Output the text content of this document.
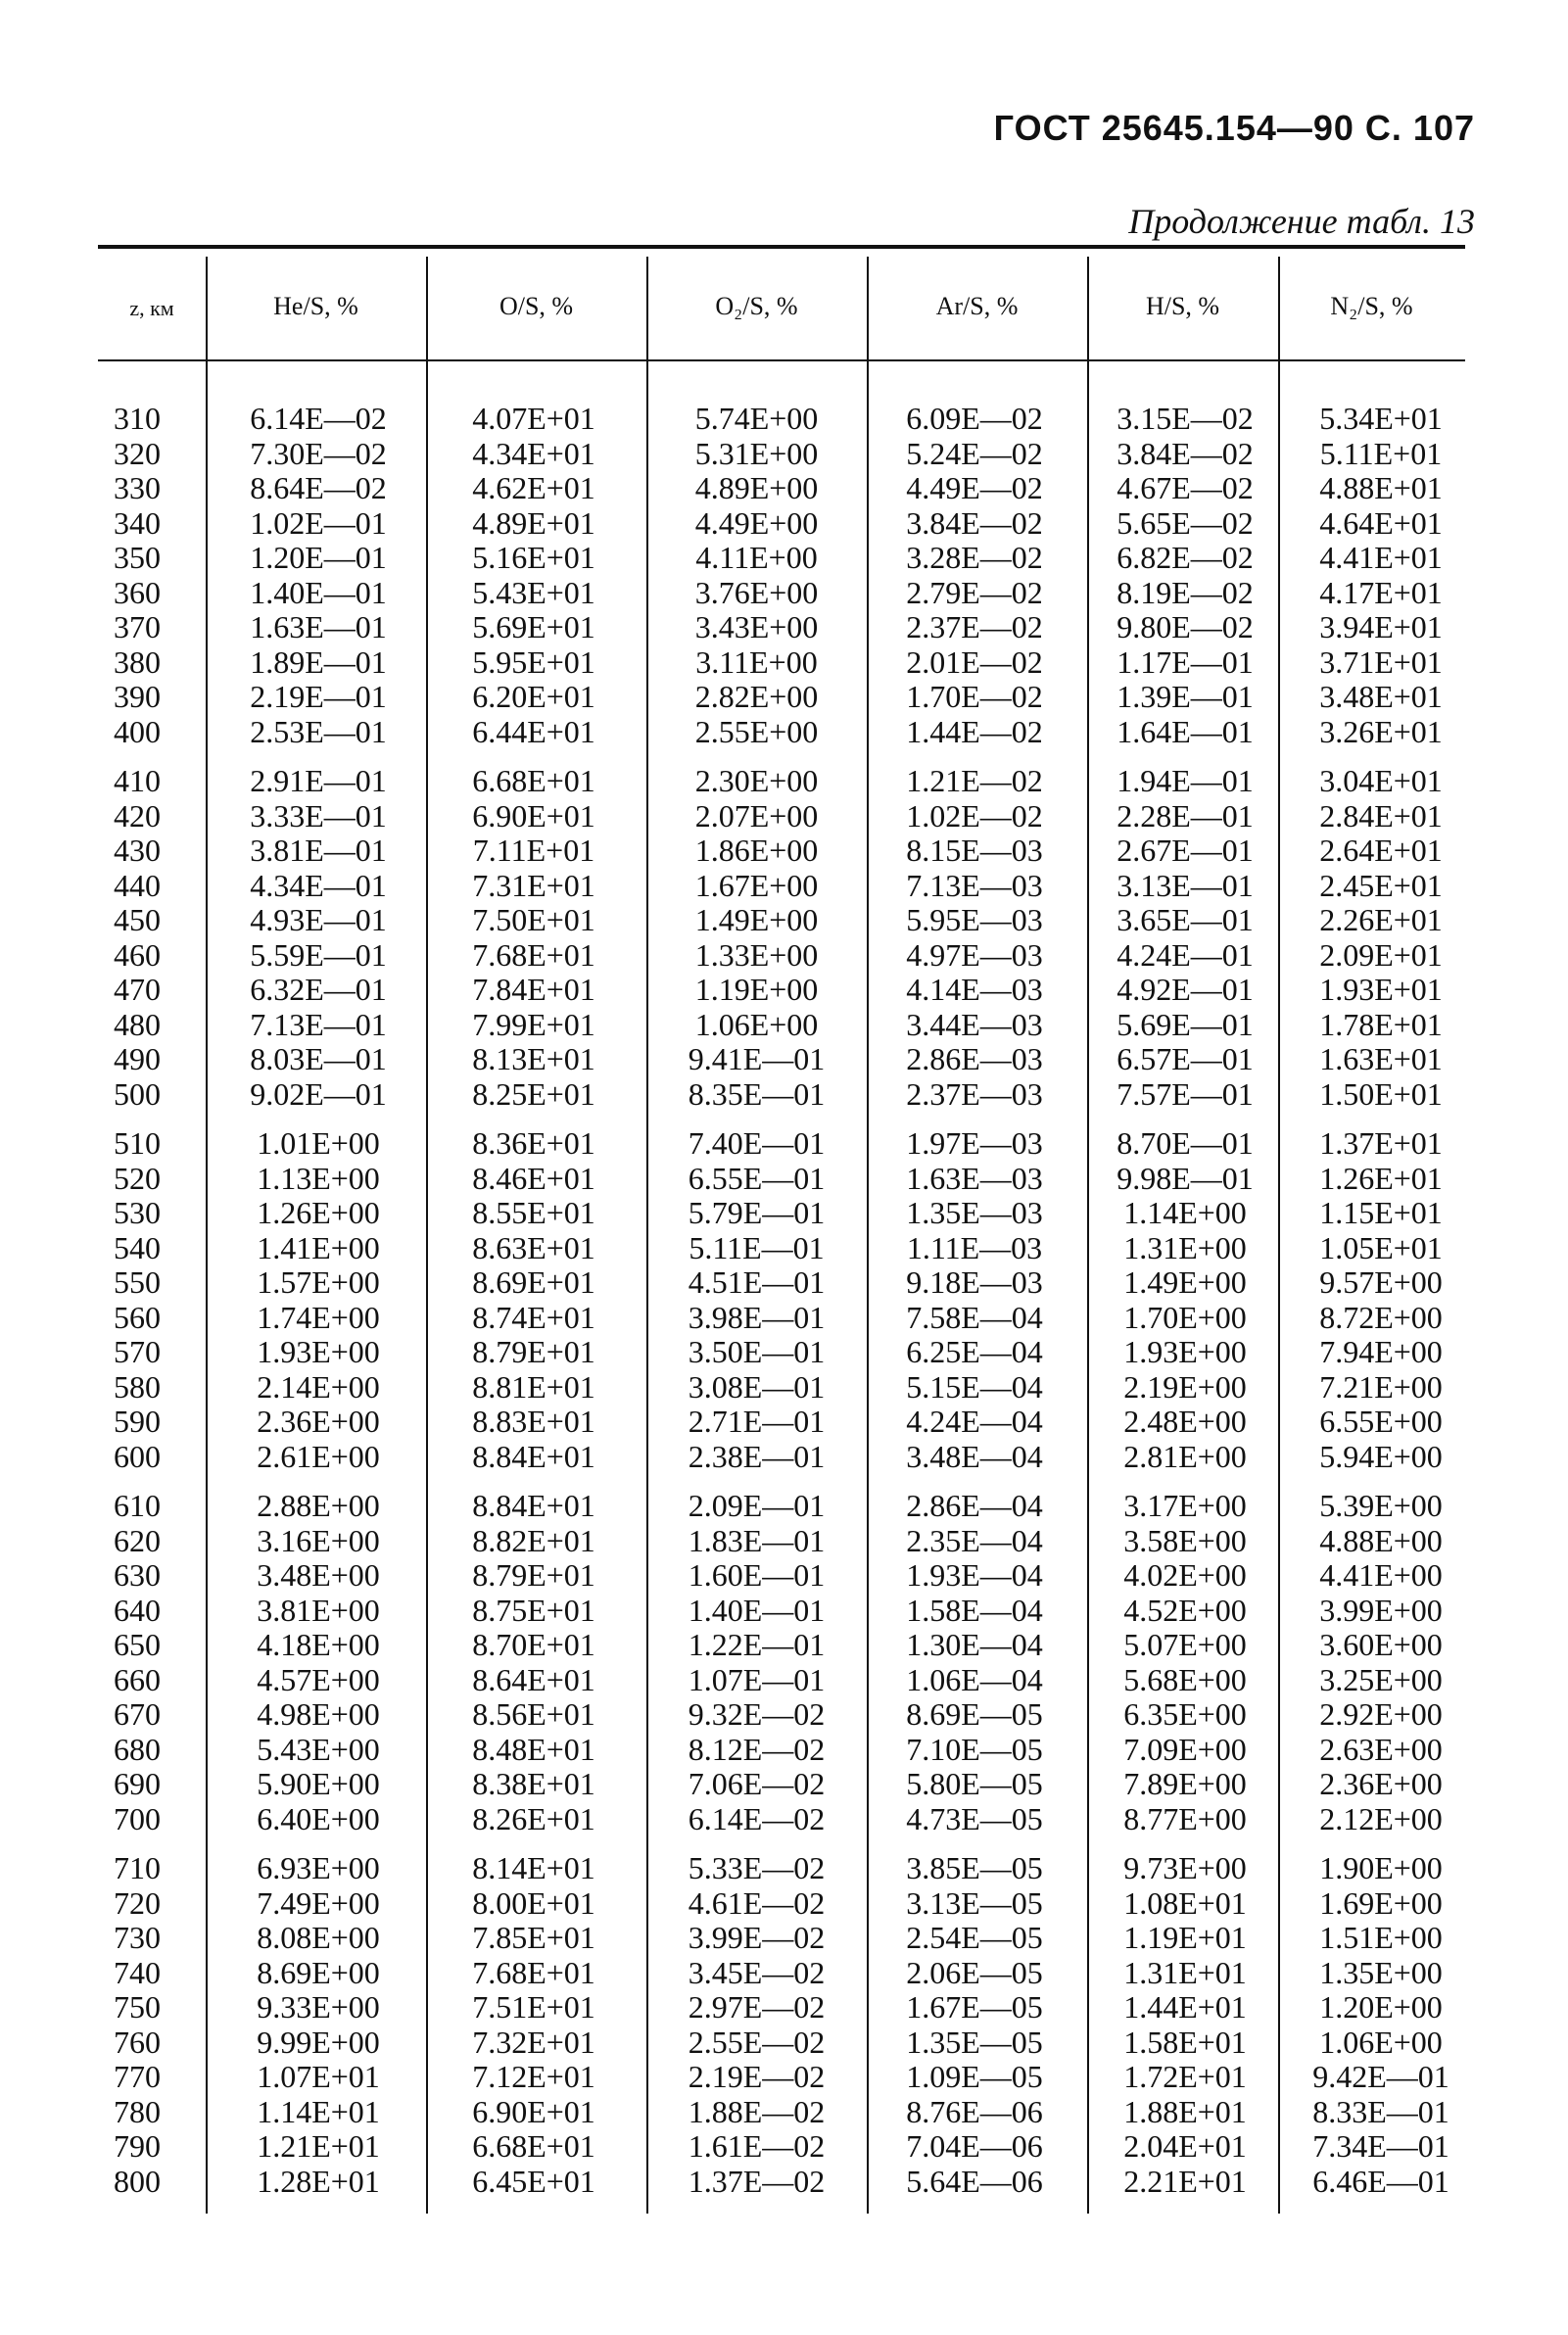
ГОСТ 25645.154—90 С. 107
Продолжение табл. 13
z, км	He/S, %	O/S, %	O₂/S, %	Ar/S, %	H/S, %	N₂/S, %
310	6.14E—02	4.07E+01	5.74E+00	6.09E—02	3.15E—02	5.34E+01
320	7.30E—02	4.34E+01	5.31E+00	5.24E—02	3.84E—02	5.11E+01
330	8.64E—02	4.62E+01	4.89E+00	4.49E—02	4.67E—02	4.88E+01
340	1.02E—01	4.89E+01	4.49E+00	3.84E—02	5.65E—02	4.64E+01
350	1.20E—01	5.16E+01	4.11E+00	3.28E—02	6.82E—02	4.41E+01
360	1.40E—01	5.43E+01	3.76E+00	2.79E—02	8.19E—02	4.17E+01
370	1.63E—01	5.69E+01	3.43E+00	2.37E—02	9.80E—02	3.94E+01
380	1.89E—01	5.95E+01	3.11E+00	2.01E—02	1.17E—01	3.71E+01
390	2.19E—01	6.20E+01	2.82E+00	1.70E—02	1.39E—01	3.48E+01
400	2.53E—01	6.44E+01	2.55E+00	1.44E—02	1.64E—01	3.26E+01
410	2.91E—01	6.68E+01	2.30E+00	1.21E—02	1.94E—01	3.04E+01
420	3.33E—01	6.90E+01	2.07E+00	1.02E—02	2.28E—01	2.84E+01
430	3.81E—01	7.11E+01	1.86E+00	8.15E—03	2.67E—01	2.64E+01
440	4.34E—01	7.31E+01	1.67E+00	7.13E—03	3.13E—01	2.45E+01
450	4.93E—01	7.50E+01	1.49E+00	5.95E—03	3.65E—01	2.26E+01
460	5.59E—01	7.68E+01	1.33E+00	4.97E—03	4.24E—01	2.09E+01
470	6.32E—01	7.84E+01	1.19E+00	4.14E—03	4.92E—01	1.93E+01
480	7.13E—01	7.99E+01	1.06E+00	3.44E—03	5.69E—01	1.78E+01
490	8.03E—01	8.13E+01	9.41E—01	2.86E—03	6.57E—01	1.63E+01
500	9.02E—01	8.25E+01	8.35E—01	2.37E—03	7.57E—01	1.50E+01
510	1.01E+00	8.36E+01	7.40E—01	1.97E—03	8.70E—01	1.37E+01
520	1.13E+00	8.46E+01	6.55E—01	1.63E—03	9.98E—01	1.26E+01
530	1.26E+00	8.55E+01	5.79E—01	1.35E—03	1.14E+00	1.15E+01
540	1.41E+00	8.63E+01	5.11E—01	1.11E—03	1.31E+00	1.05E+01
550	1.57E+00	8.69E+01	4.51E—01	9.18E—03	1.49E+00	9.57E+00
560	1.74E+00	8.74E+01	3.98E—01	7.58E—04	1.70E+00	8.72E+00
570	1.93E+00	8.79E+01	3.50E—01	6.25E—04	1.93E+00	7.94E+00
580	2.14E+00	8.81E+01	3.08E—01	5.15E—04	2.19E+00	7.21E+00
590	2.36E+00	8.83E+01	2.71E—01	4.24E—04	2.48E+00	6.55E+00
600	2.61E+00	8.84E+01	2.38E—01	3.48E—04	2.81E+00	5.94E+00
610	2.88E+00	8.84E+01	2.09E—01	2.86E—04	3.17E+00	5.39E+00
620	3.16E+00	8.82E+01	1.83E—01	2.35E—04	3.58E+00	4.88E+00
630	3.48E+00	8.79E+01	1.60E—01	1.93E—04	4.02E+00	4.41E+00
640	3.81E+00	8.75E+01	1.40E—01	1.58E—04	4.52E+00	3.99E+00
650	4.18E+00	8.70E+01	1.22E—01	1.30E—04	5.07E+00	3.60E+00
660	4.57E+00	8.64E+01	1.07E—01	1.06E—04	5.68E+00	3.25E+00
670	4.98E+00	8.56E+01	9.32E—02	8.69E—05	6.35E+00	2.92E+00
680	5.43E+00	8.48E+01	8.12E—02	7.10E—05	7.09E+00	2.63E+00
690	5.90E+00	8.38E+01	7.06E—02	5.80E—05	7.89E+00	2.36E+00
700	6.40E+00	8.26E+01	6.14E—02	4.73E—05	8.77E+00	2.12E+00
710	6.93E+00	8.14E+01	5.33E—02	3.85E—05	9.73E+00	1.90E+00
720	7.49E+00	8.00E+01	4.61E—02	3.13E—05	1.08E+01	1.69E+00
730	8.08E+00	7.85E+01	3.99E—02	2.54E—05	1.19E+01	1.51E+00
740	8.69E+00	7.68E+01	3.45E—02	2.06E—05	1.31E+01	1.35E+00
750	9.33E+00	7.51E+01	2.97E—02	1.67E—05	1.44E+01	1.20E+00
760	9.99E+00	7.32E+01	2.55E—02	1.35E—05	1.58E+01	1.06E+00
770	1.07E+01	7.12E+01	2.19E—02	1.09E—05	1.72E+01	9.42E—01
780	1.14E+01	6.90E+01	1.88E—02	8.76E—06	1.88E+01	8.33E—01
790	1.21E+01	6.68E+01	1.61E—02	7.04E—06	2.04E+01	7.34E—01
800	1.28E+01	6.45E+01	1.37E—02	5.64E—06	2.21E+01	6.46E—01
